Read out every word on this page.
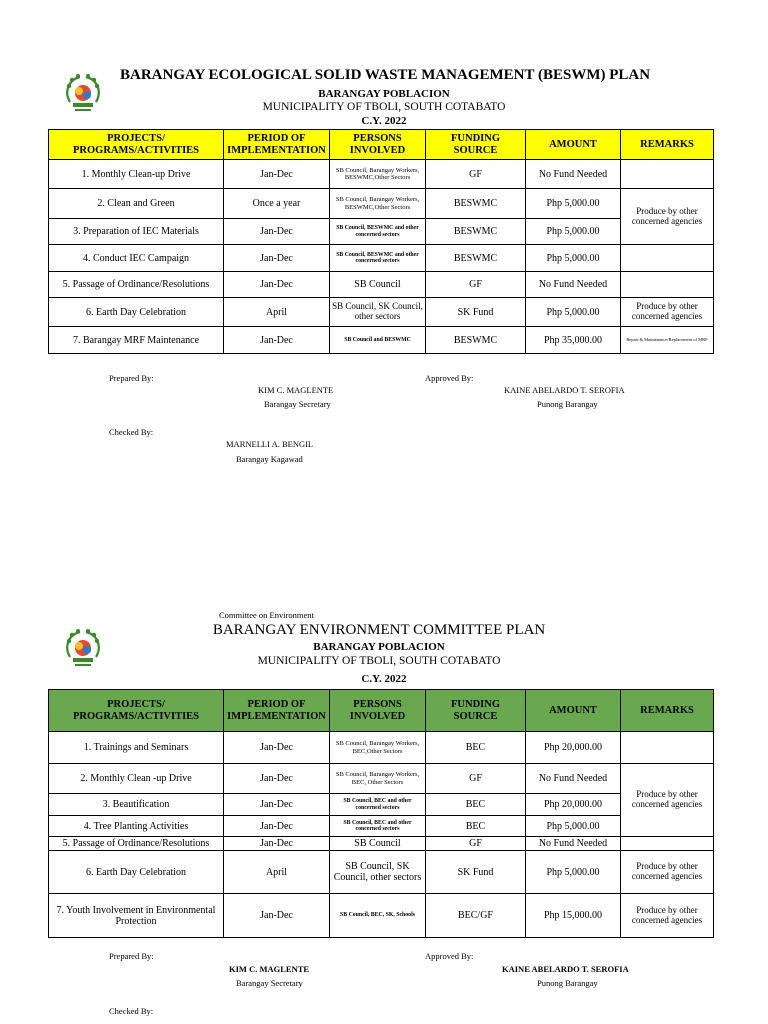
BARANGAY ECOLOGICAL SOLID WASTE MANAGEMENT (BESWM) PLAN
BARANGAY POBLACION
MUNICIPALITY OF TBOLI, SOUTH COTABATO
C.Y. 2022
PROJECTS/ PROGRAMS/ACTIVITIES	PERIOD OF IMPLEMENTATION	PERSONS INVOLVED	FUNDING SOURCE	AMOUNT	REMARKS
1. Monthly Clean-up Drive	Jan-Dec	SB Council, Barangay Workers, BESWMC,Other Sectors	GF	No Fund Needed	
2. Clean and Green	Once a year	SB Council, Barangay Workers, BESWMC,Other Sectors	BESWMC	Php 5,000.00	Produce by other concerned agencies
3. Preparation of IEC Materials	Jan-Dec	SB Council, BESWMC and other concerned sectors	BESWMC	Php 5,000.00	
4. Conduct IEC Campaign	Jan-Dec	SB Council, BESWMC and other concerned sectors	BESWMC	Php 5,000.00	
5. Passage of Ordinance/Resolutions	Jan-Dec	SB Council	GF	No Fund Needed	
6. Earth Day Celebration	April	SB Council, SK Council, other sectors	SK Fund	Php 5,000.00	Produce by other concerned agencies
7. Barangay MRF Maintenance	Jan-Dec	SB Council and BESWMC	BESWMC	Php 35,000.00	Repair & Maintenance/Replacement of MRF
Prepared By:
KIM C. MAGLENTE
Barangay Secretary
Approved By:
KAINE ABELARDO T. SEROFIA
Punong Barangay
Checked By:
MARNELLI A. BENGIL
Barangay Kagawad
Committee on Environment
BARANGAY ENVIRONMENT COMMITTEE PLAN
BARANGAY POBLACION
MUNICIPALITY OF TBOLI, SOUTH COTABATO
C.Y. 2022
PROJECTS/ PROGRAMS/ACTIVITIES	PERIOD OF IMPLEMENTATION	PERSONS INVOLVED	FUNDING SOURCE	AMOUNT	REMARKS
1. Trainings and Seminars	Jan-Dec	SB Council, Barangay Workers, BEC,Other Sectors	BEC	Php 20,000.00	
2. Monthly Clean -up Drive	Jan-Dec	SB Council, Barangay Workers, BEC, Other Sectors	GF	No Fund Needed	Produce by other concerned agencies
3. Beautification	Jan-Dec	SB Council, BEC and other concerned sectors	BEC	Php 20,000.00	
4. Tree Planting Activities	Jan-Dec	SB Council, BEC and other concerned sectors	BEC	Php 5,000.00	
5. Passage of Ordinance/Resolutions	Jan-Dec	SB Council	GF	No Fund Needed	
6. Earth Day Celebration	April	SB Council, SK Council, other sectors	SK Fund	Php 5,000.00	Produce by other concerned agencies
7. Youth Involvement in Environmental Protection	Jan-Dec	SB Council, BEC, SK, Schools	BEC/GF	Php 15,000.00	Produce by other concerned agencies
Prepared By:
KIM C. MAGLENTE
Barangay Secretary
Approved By:
KAINE ABELARDO T. SEROFIA
Punong Barangay
Checked By:
